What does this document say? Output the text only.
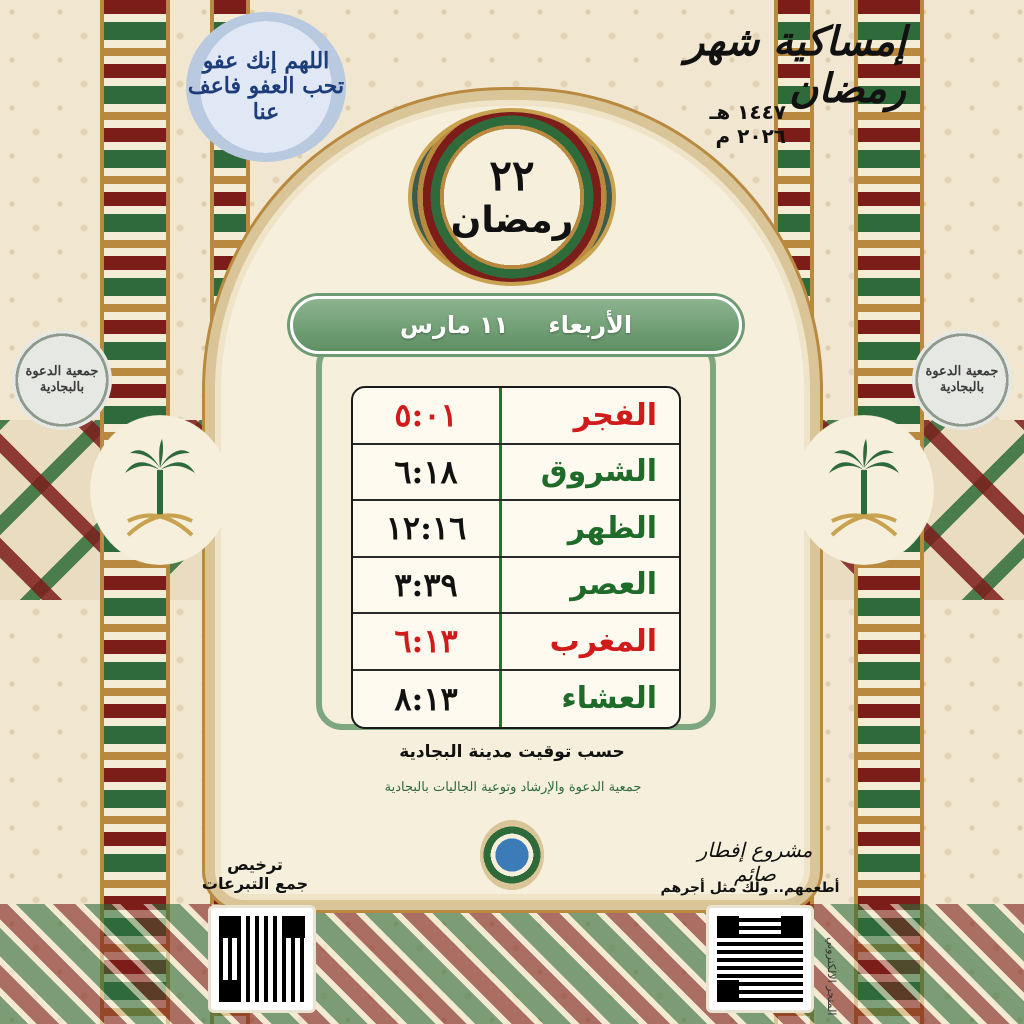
إمساكية شهر رمضان
١٤٤٧ هـ
٢٠٢٦ م
اللهم إنك عفو تحب العفو فاعف عنا
جمعية الدعوة بالبجادية
جمعية الدعوة بالبجادية
٢٢
رمضان
الفجر
٥:٠١
الشروق
٦:١٨
الظهر
١٢:١٦
العصر
٣:٣٩
المغرب
٦:١٣
العشاء
٨:١٣
الأربعاء
١١ مارس
حسب توقيت مدينة البجادية
جمعية الدعوة والإرشاد وتوعية الجاليات بالبجادية
ترخيص
جمع التبرعات
مشروع إفطار صائم
أطعمهم.. ولك مثل أجرهم
المتجر الالكتروني
